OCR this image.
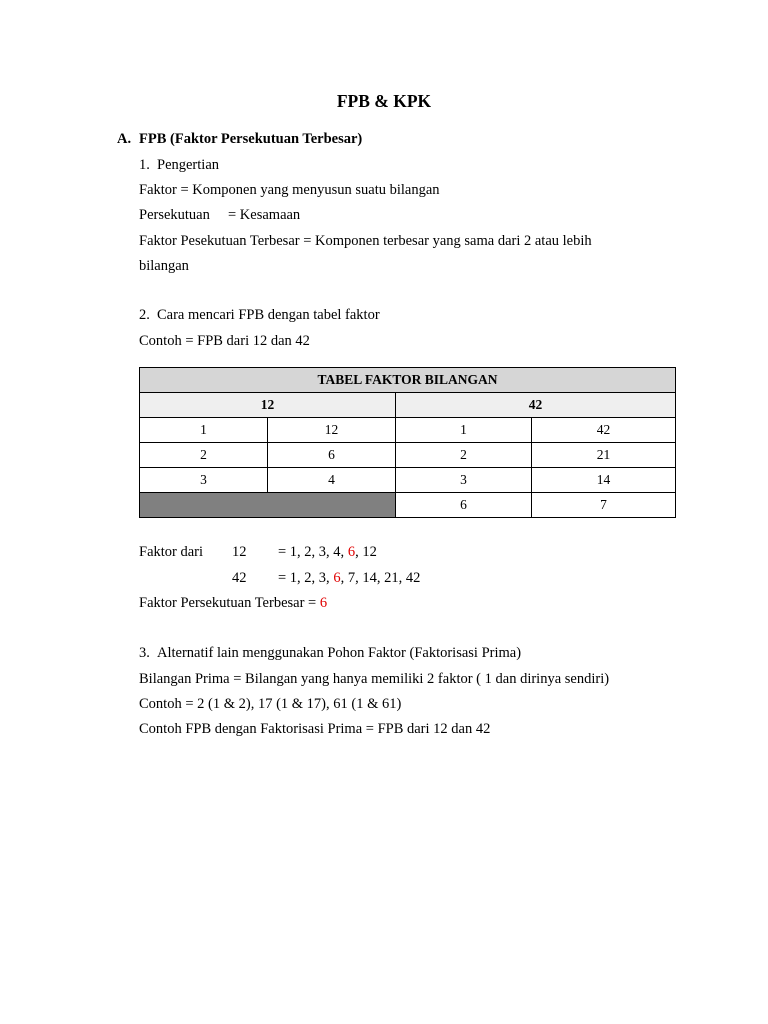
FPB & KPK
A. FPB (Faktor Persekutuan Terbesar)
1. Pengertian
Faktor = Komponen yang menyusun suatu bilangan
Persekutuan     = Kesamaan
Faktor Pesekutuan Terbesar = Komponen terbesar yang sama dari 2 atau lebih
bilangan
2. Cara mencari FPB dengan tabel faktor
Contoh = FPB dari 12 dan 42
TABEL FAKTOR BILANGAN			
12		42	
1	12	1	42
2	6	2	21
3	4	3	14
		6	7
Faktor dari 12 = 1, 2, 3, 4, 6, 12
42 = 1, 2, 3, 6, 7, 14, 21, 42
Faktor Persekutuan Terbesar = 6
3. Alternatif lain menggunakan Pohon Faktor (Faktorisasi Prima)
Bilangan Prima = Bilangan yang hanya memiliki 2 faktor ( 1 dan dirinya sendiri)
Contoh = 2 (1 & 2), 17 (1 & 17), 61 (1 & 61)
Contoh FPB dengan Faktorisasi Prima = FPB dari 12 dan 42
